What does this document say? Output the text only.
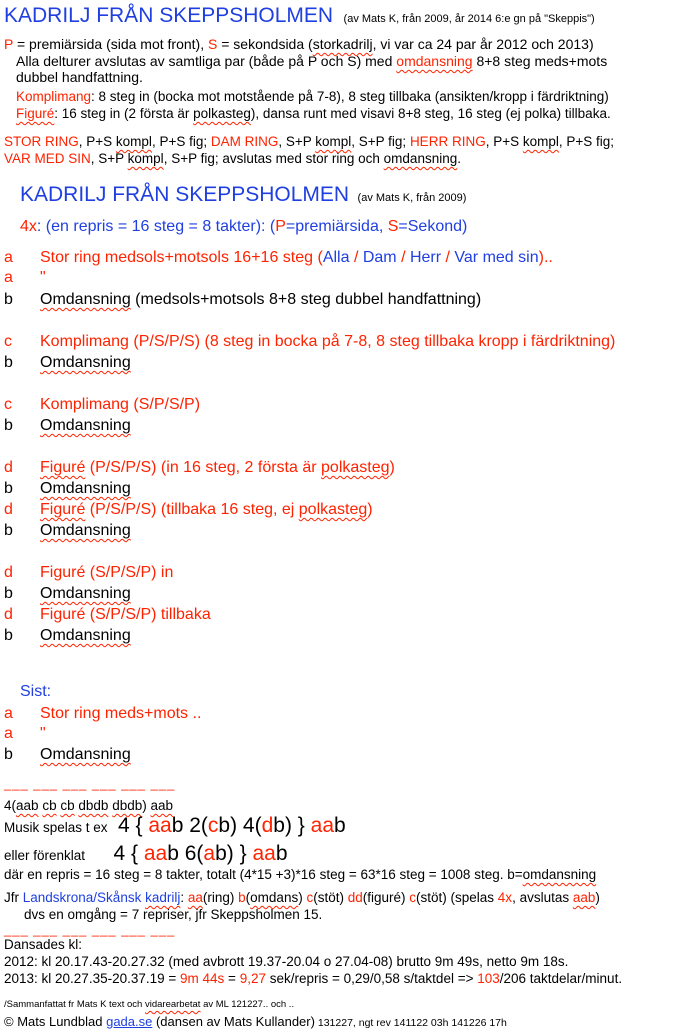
KADRILJ FRÅN SKEPPSHOLMEN (av Mats K, från 2009, år 2014 6:e gn på "Skeppis")
P = premiärsida (sida mot front), S = sekondsida (storkadrilj, vi var ca 24 par år 2012 och 2013)
Alla delturer avslutas av samtliga par (både på P och S) med omdansning 8+8 steg meds+mots
dubbel handfattning.
Komplimang: 8 steg in (bocka mot motstående på 7-8), 8 steg tillbaka (ansikten/kropp i färdriktning)
Figuré: 16 steg in (2 första är polkasteg), dansa runt med visavi 8+8 steg, 16 steg (ej polka) tillbaka.
STOR RING, P+S kompl, P+S fig; DAM RING, S+P kompl, S+P fig; HERR RING, P+S kompl, P+S fig;
VAR MED SIN, S+P kompl, S+P fig; avslutas med stor ring och omdansning.
KADRILJ FRÅN SKEPPSHOLMEN (av Mats K, från 2009)
4x: (en repris = 16 steg = 8 takter): (P=premiärsida, S=Sekond)
a Stor ring medsols+motsols 16+16 steg (Alla / Dam / Herr / Var med sin)..
a "
b Omdansning (medsols+motsols 8+8 steg dubbel handfattning)
c Komplimang (P/S/P/S) (8 steg in bocka på 7-8, 8 steg tillbaka kropp i färdriktning)
b Omdansning
c Komplimang (S/P/S/P)
b Omdansning
d Figuré (P/S/P/S) (in 16 steg, 2 första är polkasteg)
b Omdansning
d Figuré (P/S/P/S) (tillbaka 16 steg, ej polkasteg)
b Omdansning
d Figuré (S/P/S/P) in
b Omdansning
d Figuré (S/P/S/P) tillbaka
b Omdansning
Sist:
a Stor ring meds+mots ..
a "
b Omdansning
___ ___ ___ ___ ___ ___
4(aab cb cb dbdb dbdb) aab
Musik spelas t ex 4 { aab 2(cb) 4(db) } aab
eller förenklat 4 { aab 6(ab) } aab
där en repris = 16 steg = 8 takter, totalt (4*15 +3)*16 steg = 63*16 steg = 1008 steg. b=omdansning
Jfr Landskrona/Skånsk kadrilj: aa(ring) b(omdans) c(stöt) dd(figuré) c(stöt) (spelas 4x, avslutas aab)
dvs en omgång = 7 repriser, jfr Skeppsholmen 15.
___ ___ ___ ___ ___ ___
Dansades kl:
2012: kl 20.17.43-20.27.32 (med avbrott 19.37-20.04 o 27.04-08) brutto 9m 49s, netto 9m 18s.
2013: kl 20.27.35-20.37.19 = 9m 44s = 9,27 sek/repris = 0,29/0,58 s/taktdel => 103/206 taktdelar/minut.
/Sammanfattat fr Mats K text och vidarearbetat av ML 121227.. och ..
© Mats Lundblad gada.se (dansen av Mats Kullander) 131227, ngt rev 141122 03h 141226 17h
